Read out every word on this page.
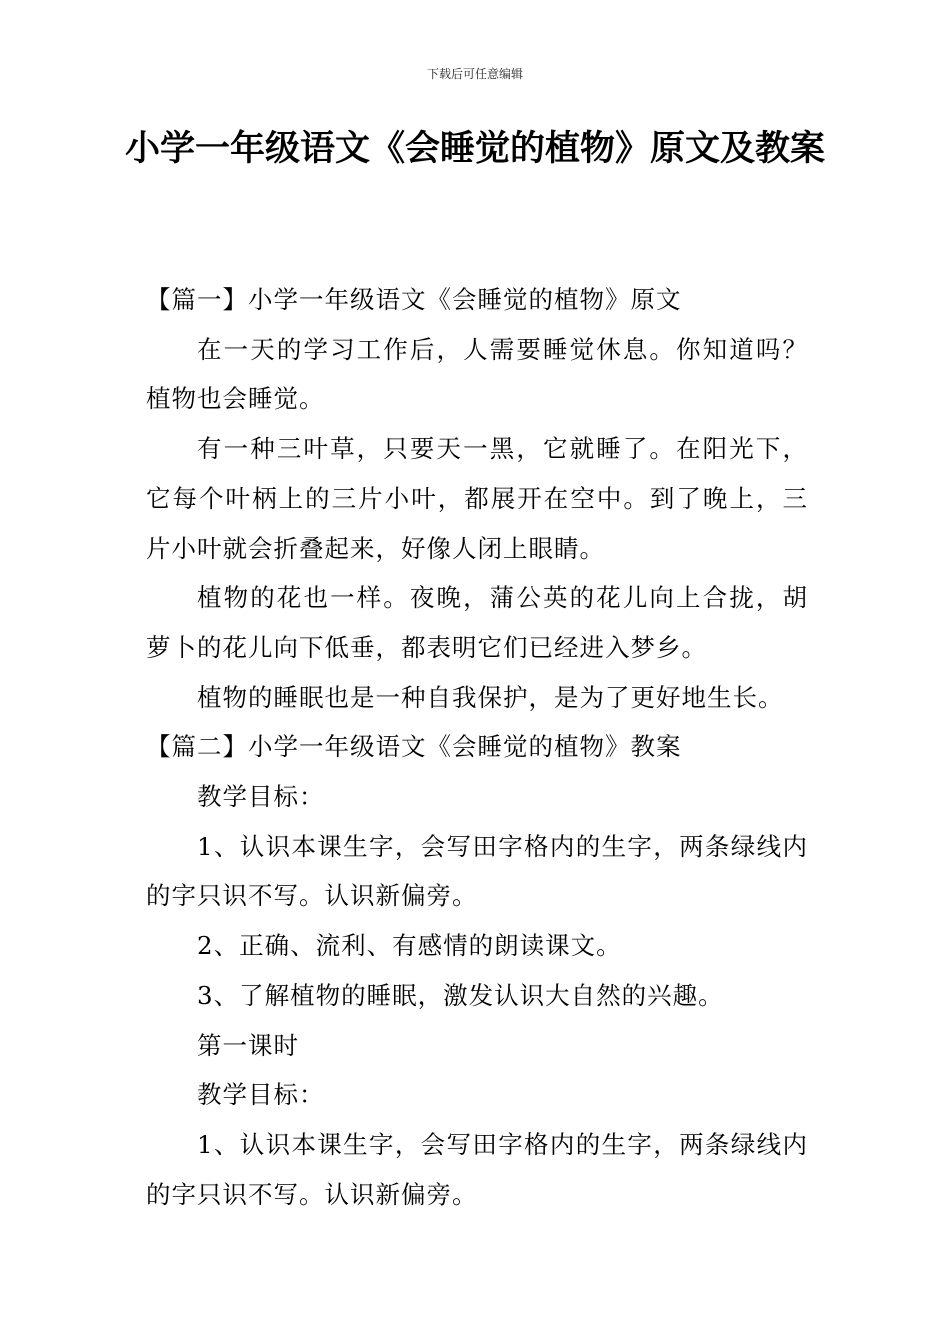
下载后可任意编辑
小学一年级语文《会睡觉的植物》原文及教案

【篇一】小学一年级语文《会睡觉的植物》原文

在一天的学习工作后，人需要睡觉休息。你知道吗？植物也会睡觉。

有一种三叶草，只要天一黑，它就睡了。在阳光下，它每个叶柄上的三片小叶，都展开在空中。到了晚上，三片小叶就会折叠起来，好像人闭上眼睛。

植物的花也一样。夜晚，蒲公英的花儿向上合拢，胡萝卜的花儿向下低垂，都表明它们已经进入梦乡。

植物的睡眠也是一种自我保护，是为了更好地生长。

【篇二】小学一年级语文《会睡觉的植物》教案

教学目标：

1、认识本课生字，会写田字格内的生字，两条绿线内的字只识不写。认识新偏旁。

2、正确、流利、有感情的朗读课文。

3、了解植物的睡眠，激发认识大自然的兴趣。

第一课时

教学目标：

1、认识本课生字，会写田字格内的生字，两条绿线内的字只识不写。认识新偏旁。
